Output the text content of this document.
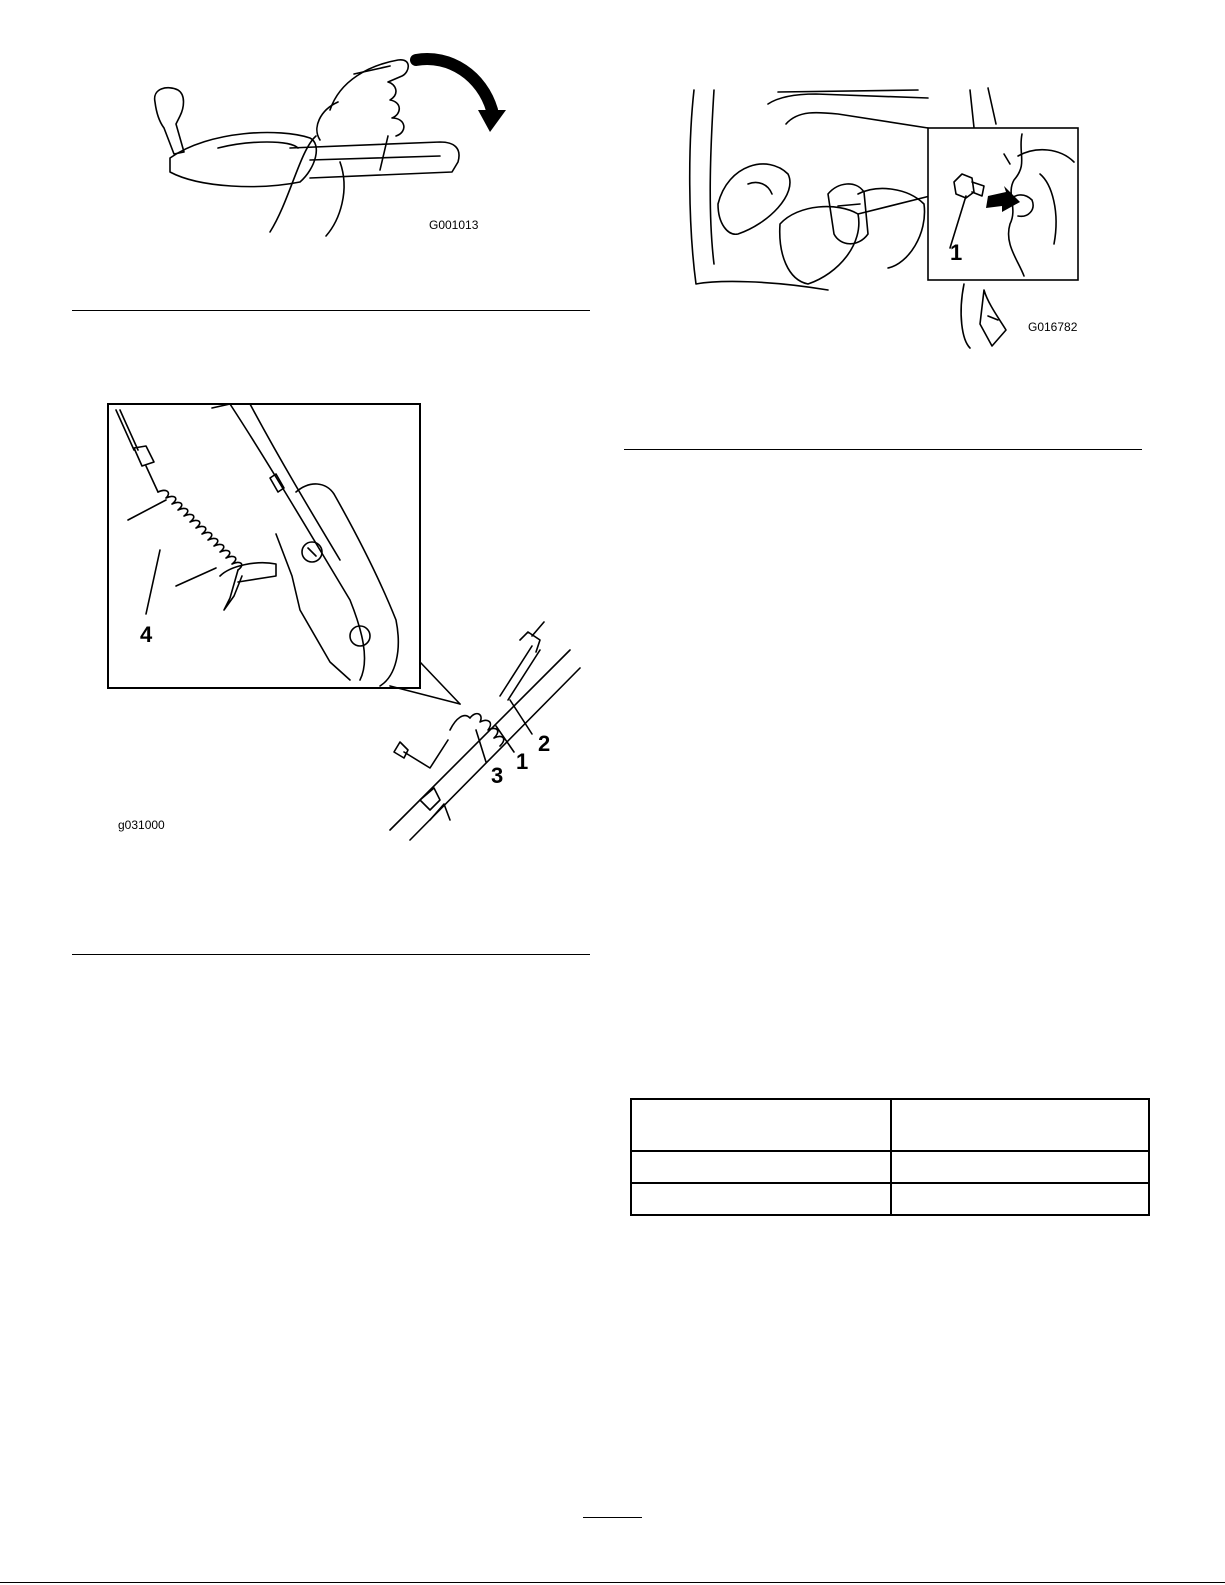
G001013
1
G016782
4
2
1
3
g031000
